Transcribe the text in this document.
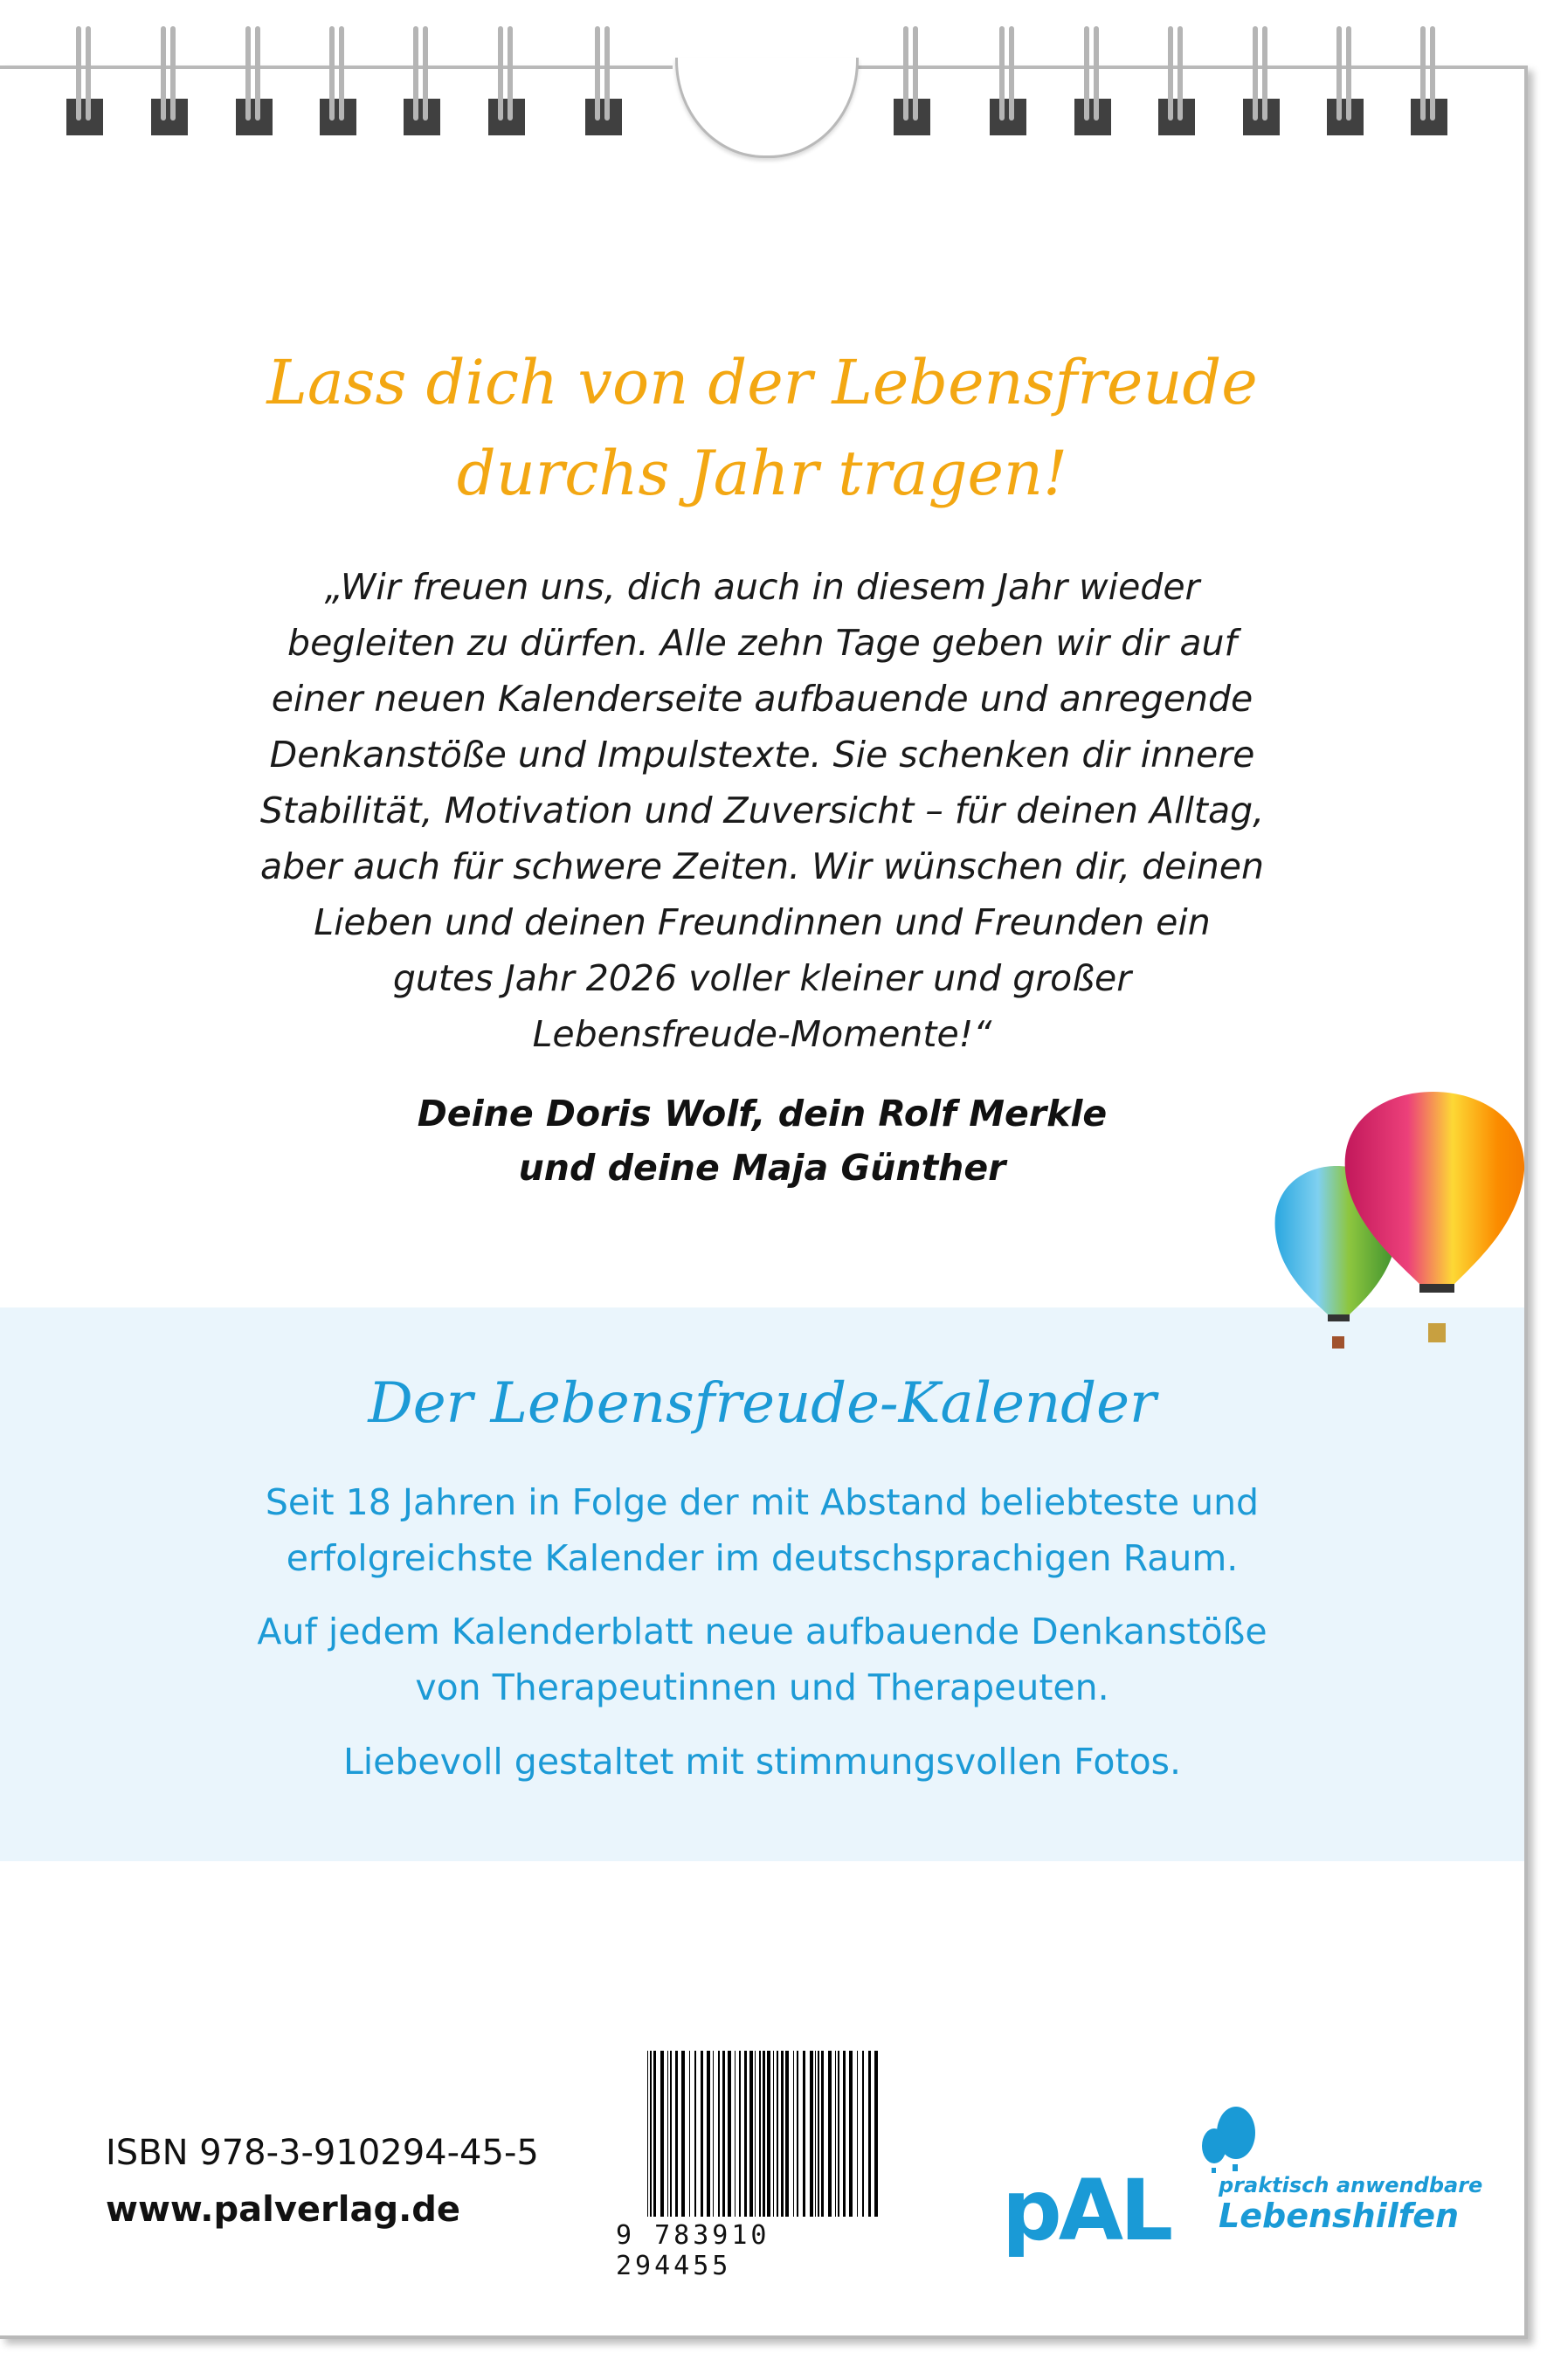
Lass dich von der Lebensfreude
durchs Jahr tragen!
„Wir freuen uns, dich auch in diesem Jahr wieder
begleiten zu dürfen. Alle zehn Tage geben wir dir auf
einer neuen Kalenderseite aufbauende und anregende
Denkanstöße und Impulstexte. Sie schenken dir innere
Stabilität, Motivation und Zuversicht – für deinen Alltag,
aber auch für schwere Zeiten. Wir wünschen dir, deinen
Lieben und deinen Freundinnen und Freunden ein
gutes Jahr 2026 voller kleiner und großer
Lebensfreude-Momente!“
Deine Doris Wolf, dein Rolf Merkle
und deine Maja Günther
Der Lebensfreude-Kalender
Seit 18 Jahren in Folge der mit Abstand beliebteste und
erfolgreichste Kalender im deutschsprachigen Raum.
Auf jedem Kalenderblatt neue aufbauende Denkanstöße
von Therapeutinnen und Therapeuten.
Liebevoll gestaltet mit stimmungsvollen Fotos.
ISBN 978-3-910294-45-5
www.palverlag.de
9 783910 294455
pAL praktisch anwendbare
Lebenshilfen
